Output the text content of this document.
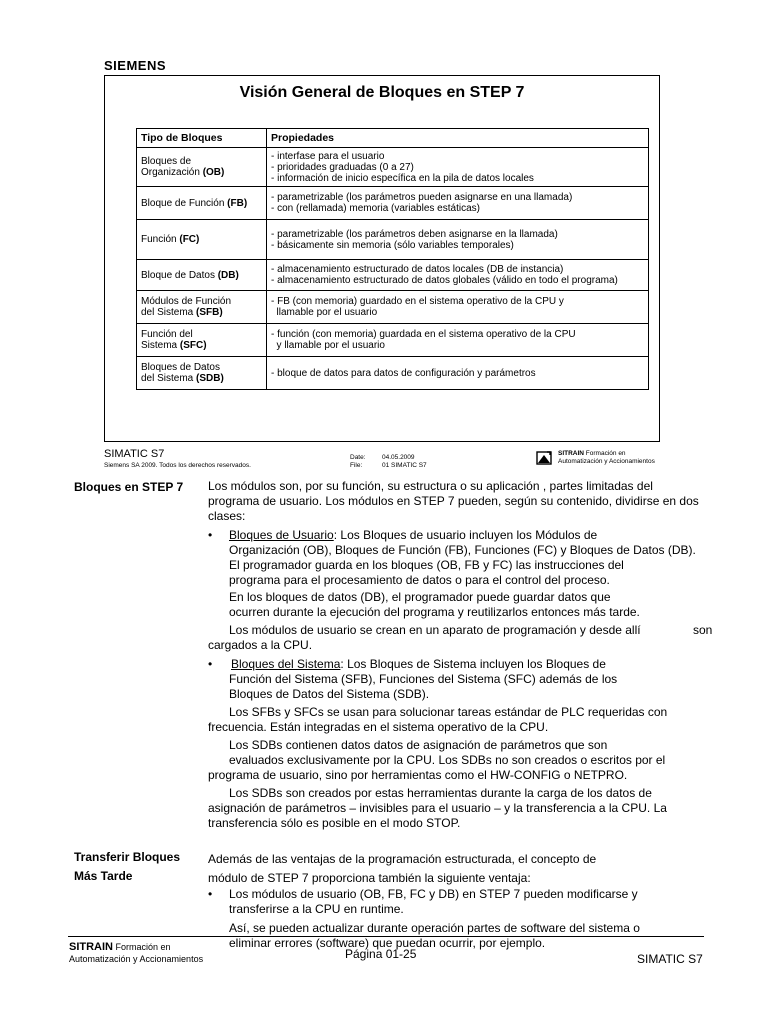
SIEMENS
Visión General de Bloques en STEP 7
Tipo de Bloques	Propiedades

Bloques de
Organización (OB)	- interfase para el usuario
- prioridades graduadas (0 a 27)
- información de inicio específica en la pila de datos locales

Bloque de Función (FB)	- parametrizable (los parámetros pueden asignarse en una llamada)
- con (rellamada) memoria (variables estáticas)

Función (FC)	- parametrizable (los parámetros deben asignarse en la llamada)
- básicamente sin memoria (sólo variables temporales)

Bloque de Datos (DB)	- almacenamiento estructurado de datos locales (DB de instancia)
- almacenamiento estructurado de datos globales (válido en todo el programa)

Módulos de Función
del Sistema (SFB)	- FB (con memoria) guardado en el sistema operativo de la CPU y
llamable por el usuario

Función del
Sistema (SFC)	- función (con memoria) guardada en el sistema operativo de la CPU
y llamable por el usuario

Bloques de Datos
del Sistema (SDB)	- bloque de datos para datos de configuración y parámetros
SIMATIC S7
Siemens SA 2009. Todos los derechos reservados.
Date:	04.05.2009
File:	01 SIMATIC S7
SITRAIN Formación en
Automatización y Accionamientos
Bloques en STEP 7 Los módulos son, por su función, su estructura o su aplicación , partes limitadas del
programa de usuario. Los módulos en STEP 7 pueden, según su contenido, dividirse en dos
clases:
• Bloques de Usuario: Los Bloques de usuario incluyen los Módulos de
Organización (OB), Bloques de Función (FB), Funciones (FC) y Bloques de Datos (DB).
El programador guarda en los bloques (OB, FB y FC) las instrucciones del
programa para el procesamiento de datos o para el control del proceso.
En los bloques de datos (DB), el programador puede guardar datos que
ocurren durante la ejecución del programa y reutilizarlos entonces más tarde.
Los módulos de usuario se crean en un aparato de programación y desde allí	son
cargados a la CPU.
• Bloques del Sistema: Los Bloques de Sistema incluyen los Bloques de
Función del Sistema (SFB), Funciones del Sistema (SFC) además de los
Bloques de Datos del Sistema (SDB).
Los SFBs y SFCs se usan para solucionar tareas estándar de PLC requeridas con
frecuencia. Están integradas en el sistema operativo de la CPU.
Los SDBs contienen datos datos de asignación de parámetros que son
evaluados exclusivamente por la CPU. Los SDBs no son creados o escritos por el
programa de usuario, sino por herramientas como el HW-CONFIG o NETPRO.
Los SDBs son creados por estas herramientas durante la carga de los datos de
asignación de parámetros – invisibles para el usuario – y la transferencia a la CPU. La
transferencia sólo es posible en el modo STOP.
Transferir Bloques
Más Tarde
Además de las ventajas de la programación estructurada, el concepto de
módulo de STEP 7 proporciona también la siguiente ventaja:
• Los módulos de usuario (OB, FB, FC y DB) en STEP 7 pueden modificarse y
transferirse a la CPU en runtime.
Así, se pueden actualizar durante operación partes de software del sistema o
eliminar errores (software) que puedan ocurrir, por ejemplo.
SITRAIN Formación en
Automatización y Accionamientos	Página 01-25	SIMATIC S7
